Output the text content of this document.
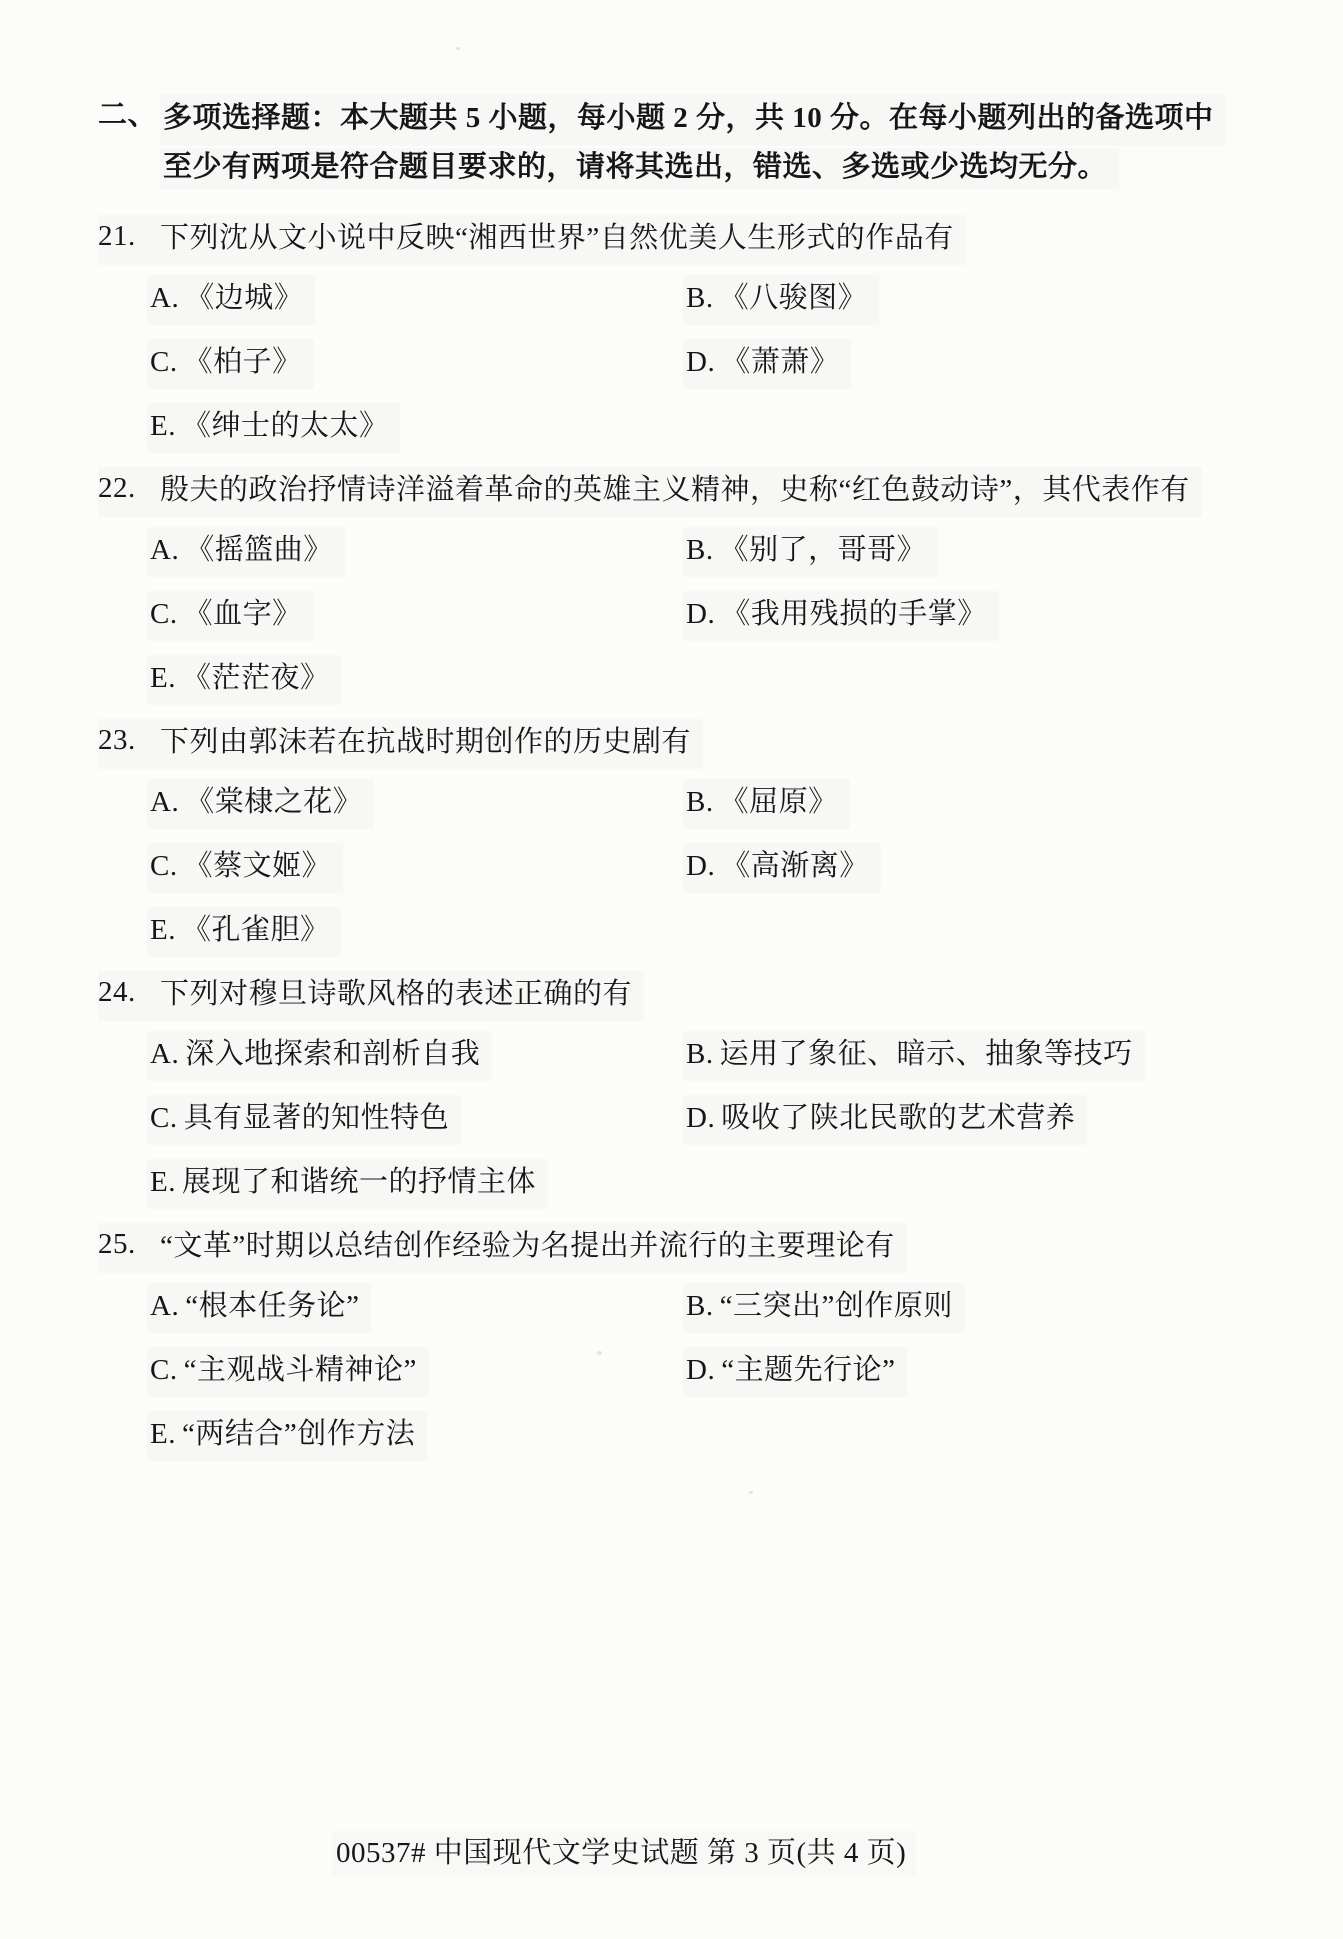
二、 多项选择题：本大题共 5 小题，每小题 2 分，共 10 分。在每小题列出的备选项中
至少有两项是符合题目要求的，请将其选出，错选、多选或少选均无分。
21. 下列沈从文小说中反映“湘西世界”自然优美人生形式的作品有
A. 《边城》	B. 《八骏图》
C. 《柏子》	D. 《萧萧》
E. 《绅士的太太》
22. 殷夫的政治抒情诗洋溢着革命的英雄主义精神，史称“红色鼓动诗”，其代表作有
A. 《摇篮曲》	B. 《别了，哥哥》
C. 《血字》	D. 《我用残损的手掌》
E. 《茫茫夜》
23. 下列由郭沫若在抗战时期创作的历史剧有
A. 《棠棣之花》	B. 《屈原》
C. 《蔡文姬》	D. 《高渐离》
E. 《孔雀胆》
24. 下列对穆旦诗歌风格的表述正确的有
A. 深入地探索和剖析自我	B. 运用了象征、暗示、抽象等技巧
C. 具有显著的知性特色	D. 吸收了陕北民歌的艺术营养
E. 展现了和谐统一的抒情主体
25. “文革”时期以总结创作经验为名提出并流行的主要理论有
A. “根本任务论”	B. “三突出”创作原则
C. “主观战斗精神论”	D. “主题先行论”
E. “两结合”创作方法
00537# 中国现代文学史试题 第 3 页(共 4 页)
